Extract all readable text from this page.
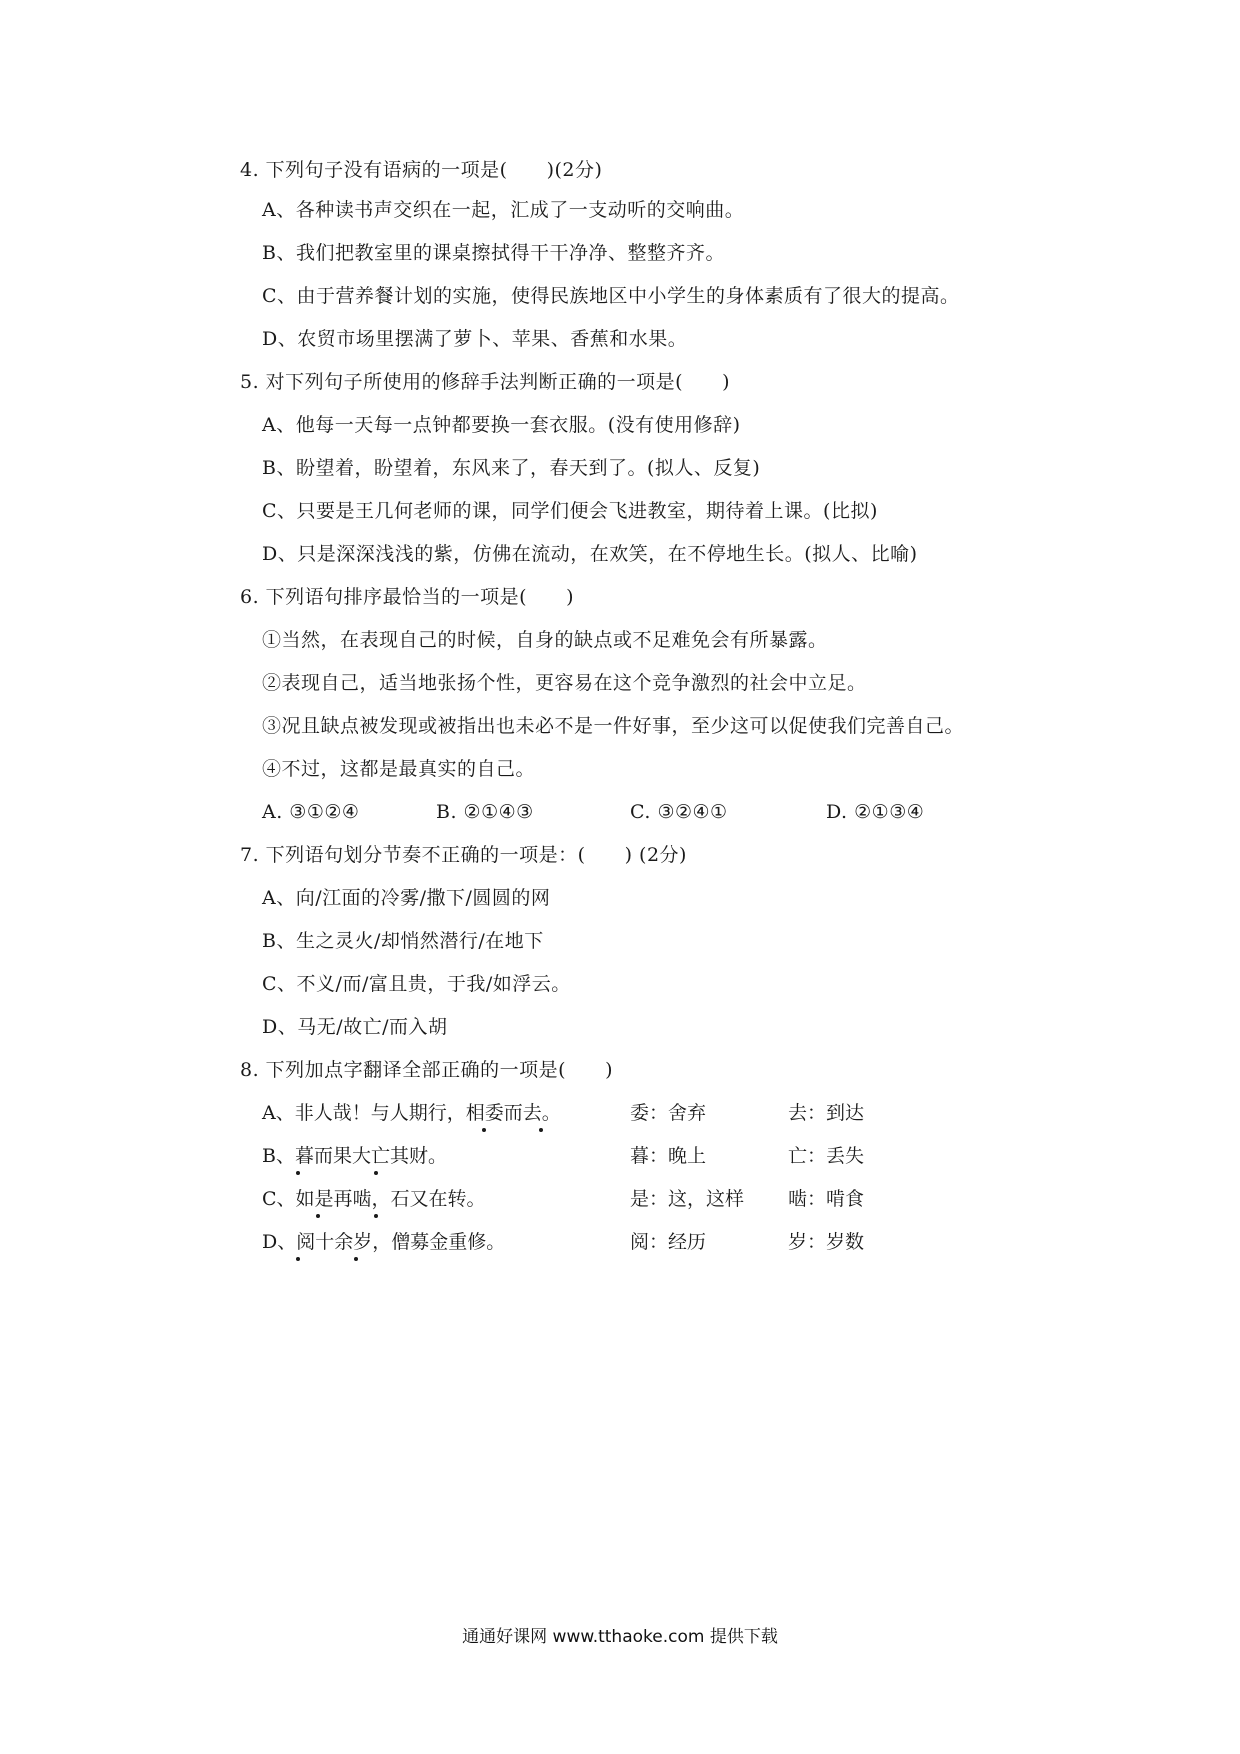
4. 下列句子没有语病的一项是(　　)(2分)
A、各种读书声交织在一起，汇成了一支动听的交响曲。
B、我们把教室里的课桌擦拭得干干净净、整整齐齐。
C、由于营养餐计划的实施，使得民族地区中小学生的身体素质有了很大的提高。
D、农贸市场里摆满了萝卜、苹果、香蕉和水果。
5. 对下列句子所使用的修辞手法判断正确的一项是(　　)
A、他每一天每一点钟都要换一套衣服。(没有使用修辞)
B、盼望着，盼望着，东风来了，春天到了。(拟人、反复)
C、只要是王几何老师的课，同学们便会飞进教室，期待着上课。(比拟)
D、只是深深浅浅的紫，仿佛在流动，在欢笑，在不停地生长。(拟人、比喻)
6. 下列语句排序最恰当的一项是(　　)
①当然，在表现自己的时候，自身的缺点或不足难免会有所暴露。
②表现自己，适当地张扬个性，更容易在这个竞争激烈的社会中立足。
③况且缺点被发现或被指出也未必不是一件好事，至少这可以促使我们完善自己。
④不过，这都是最真实的自己。
A. ③①②④	B. ②①④③	C. ③②④①	D. ②①③④
7. 下列语句划分节奏不正确的一项是：(　　) (2分)
A、向/江面的冷雾/撒下/圆圆的网
B、生之灵火/却悄然潜行/在地下
C、不义/而/富且贵，于我/如浮云。
D、马无/故亡/而入胡
8. 下列加点字翻译全部正确的一项是(　　)
A、非人哉！与人期行，相委而去。	委：舍弃	去：到达
B、暮而果大亡其财。	暮：晚上	亡：丢失
C、如是再啮，石又在转。	是：这，这样 啮：啃食
D、阅十余岁，僧募金重修。	阅：经历	岁：岁数
通通好课网 www.tthaoke.com 提供下载
